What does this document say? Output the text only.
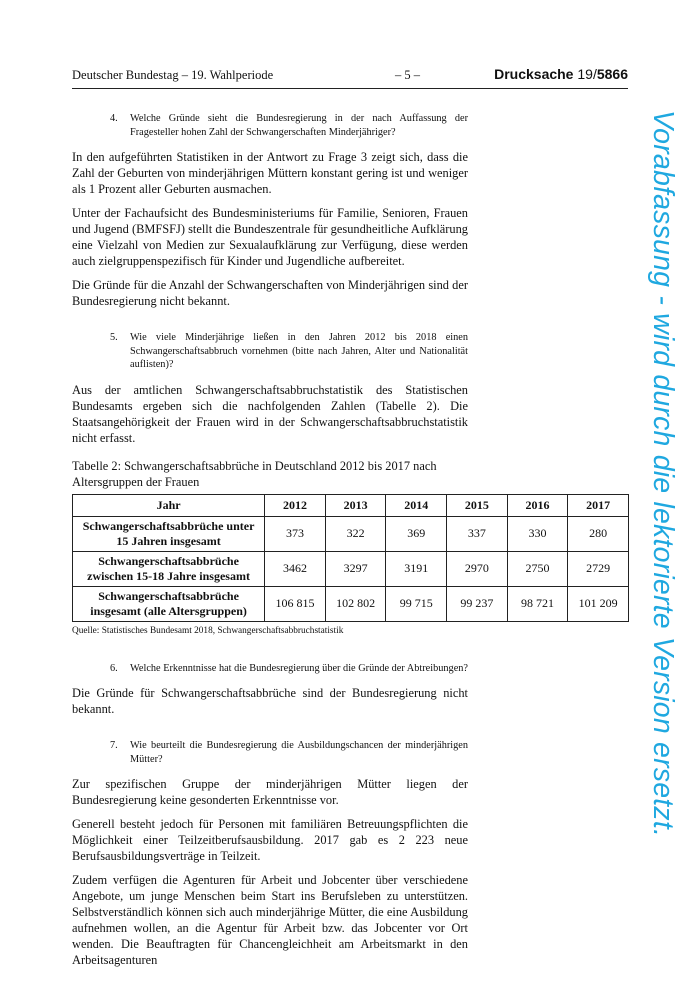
Deutscher Bundestag – 19. Wahlperiode	– 5 –	Drucksache 19/5866
4. Welche Gründe sieht die Bundesregierung in der nach Auffassung der Fragesteller hohen Zahl der Schwangerschaften Minderjähriger?

In den aufgeführten Statistiken in der Antwort zu Frage 3 zeigt sich, dass die Zahl der Geburten von minderjährigen Müttern konstant gering ist und weniger als 1 Prozent aller Geburten ausmachen.

Unter der Fachaufsicht des Bundesministeriums für Familie, Senioren, Frauen und Jugend (BMFSFJ) stellt die Bundeszentrale für gesundheitliche Aufklärung eine Vielzahl von Medien zur Sexualaufklärung zur Verfügung, diese werden auch zielgruppenspezifisch für Kinder und Jugendliche aufbereitet.

Die Gründe für die Anzahl der Schwangerschaften von Minderjährigen sind der Bundesregierung nicht bekannt.

5. Wie viele Minderjährige ließen in den Jahren 2012 bis 2018 einen Schwangerschaftsabbruch vornehmen (bitte nach Jahren, Alter und Nationalität auflisten)?

Aus der amtlichen Schwangerschaftsabbruchstatistik des Statistischen Bundesamts ergeben sich die nachfolgenden Zahlen (Tabelle 2). Die Staatsangehörigkeit der Frauen wird in der Schwangerschaftsabbruchstatistik nicht erfasst.

Tabelle 2: Schwangerschaftsabbrüche in Deutschland 2012 bis 2017 nach Altersgruppen der Frauen
Jahr	2012	2013	2014	2015	2016	2017
Schwangerschaftsabbrüche unter 15 Jahren insgesamt	373	322	369	337	330	280
Schwangerschaftsabbrüche zwischen 15-18 Jahre insgesamt	3462	3297	3191	2970	2750	2729
Schwangerschaftsabbrüche insgesamt (alle Altersgruppen)	106 815	102 802	99 715	99 237	98 721	101 209
Quelle: Statistisches Bundesamt 2018, Schwangerschaftsabbruchstatistik
6. Welche Erkenntnisse hat die Bundesregierung über die Gründe der Abtreibungen?

Die Gründe für Schwangerschaftsabbrüche sind der Bundesregierung nicht bekannt.

7. Wie beurteilt die Bundesregierung die Ausbildungschancen der minderjährigen Mütter?

Zur spezifischen Gruppe der minderjährigen Mütter liegen der Bundesregierung keine gesonderten Erkenntnisse vor.

Generell besteht jedoch für Personen mit familiären Betreuungspflichten die Möglichkeit einer Teilzeitberufsausbildung. 2017 gab es 2 223 neue Berufsausbildungsverträge in Teilzeit.

Zudem verfügen die Agenturen für Arbeit und Jobcenter über verschiedene Angebote, um junge Menschen beim Start ins Berufsleben zu unterstützen. Selbstverständlich können sich auch minderjährige Mütter, die eine Ausbildung aufnehmen wollen, an die Agentur für Arbeit bzw. das Jobcenter vor Ort wenden. Die Beauftragten für Chancengleichheit am Arbeitsmarkt in den Arbeitsagenturen

Vorabfassung - wird durch die lektorierte Version ersetzt.
